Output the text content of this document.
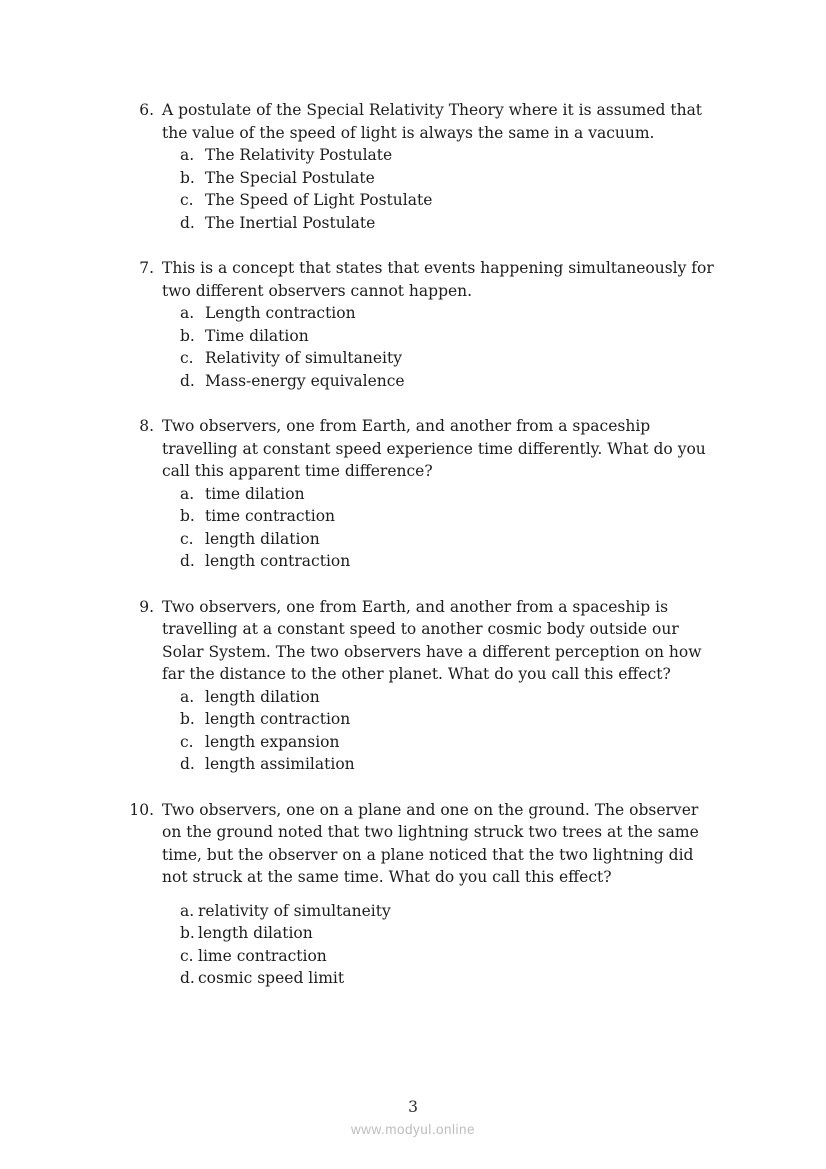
6. A postulate of the Special Relativity Theory where it is assumed that the value of the speed of light is always the same in a vacuum.

a. The Relativity Postulate
b. The Special Postulate
c. The Speed of Light Postulate
d. The Inertial Postulate
7. This is a concept that states that events happening simultaneously for two different observers cannot happen.

a. Length contraction
b. Time dilation
c. Relativity of simultaneity
d. Mass-energy equivalence
8. Two observers, one from Earth, and another from a spaceship travelling at constant speed experience time differently. What do you call this apparent time difference?

a. time dilation
b. time contraction
c. length dilation
d. length contraction
9. Two observers, one from Earth, and another from a spaceship is travelling at a constant speed to another cosmic body outside our Solar System. The two observers have a different perception on how far the distance to the other planet. What do you call this effect?

a. length dilation
b. length contraction
c. length expansion
d. length assimilation
10. Two observers, one on a plane and one on the ground. The observer on the ground noted that two lightning struck two trees at the same time, but the observer on a plane noticed that the two lightning did not struck at the same time. What do you call this effect?

a. relativity of simultaneity
b. length dilation
c. lime contraction
d. cosmic speed limit
3
www.modyul.online
